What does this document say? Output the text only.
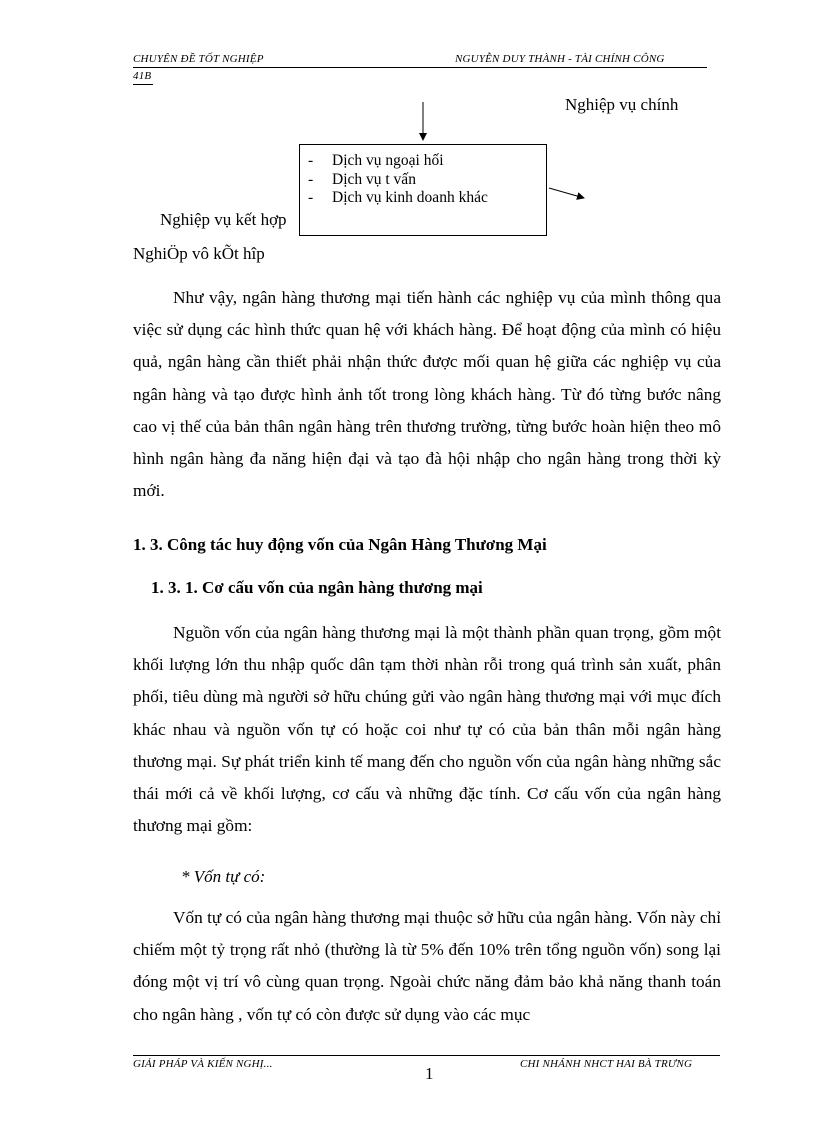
CHUYÊN ĐỀ TỐT NGHIỆP	NGUYỄN DUY THÀNH - TÀI CHÍNH CÔNG
41B
Nghiệp vụ chính
- Dịch vụ ngoại hối
- Dịch vụ t vấn
- Dịch vụ kinh doanh khác
Nghiệp vụ kết hợp
NghiÖp vô kÕt hîp
Như vậy, ngân hàng thương mại tiến hành các nghiệp vụ của mình thông qua việc sử dụng các hình thức quan hệ với khách hàng. Để hoạt động của mình có hiệu quả, ngân hàng cần thiết phải nhận thức được mối quan hệ giữa các nghiệp vụ của ngân hàng và tạo được hình ảnh tốt trong lòng khách hàng. Từ đó từng bước nâng cao vị thế của bản thân ngân hàng trên thương trường, từng bước hoàn hiện theo mô hình ngân hàng đa năng hiện đại và tạo đà hội nhập cho ngân hàng trong thời kỳ mới.
1. 3. Công tác huy động vốn của Ngân Hàng Thương Mại
1. 3. 1. Cơ cấu vốn của ngân hàng thương mại
Nguồn vốn của ngân hàng thương mại là một thành phần quan trọng, gồm một khối lượng lớn thu nhập quốc dân tạm thời nhàn rỗi trong quá trình sản xuất, phân phối, tiêu dùng mà người sở hữu chúng gửi vào ngân hàng thương mại với mục đích khác nhau và nguồn vốn tự có hoặc coi như tự có của bản thân mỗi ngân hàng thương mại. Sự phát triển kinh tế mang đến cho nguồn vốn của ngân hàng những sắc thái mới cả về khối lượng, cơ cấu và những đặc tính. Cơ cấu vốn của ngân hàng thương mại gồm:
* Vốn tự có:
Vốn tự có của ngân hàng thương mại thuộc sở hữu của ngân hàng. Vốn này chỉ chiếm một tỷ trọng rất nhỏ (thường là từ 5% đến 10% trên tổng nguồn vốn) song lại đóng một vị trí vô cùng quan trọng. Ngoài chức năng đảm bảo khả năng thanh toán cho ngân hàng , vốn tự có còn được sử dụng vào các mục
GIẢI PHÁP VÀ KIẾN NGHỊ...	CHI NHÁNH NHCT HAI BÀ TRƯNG
1
